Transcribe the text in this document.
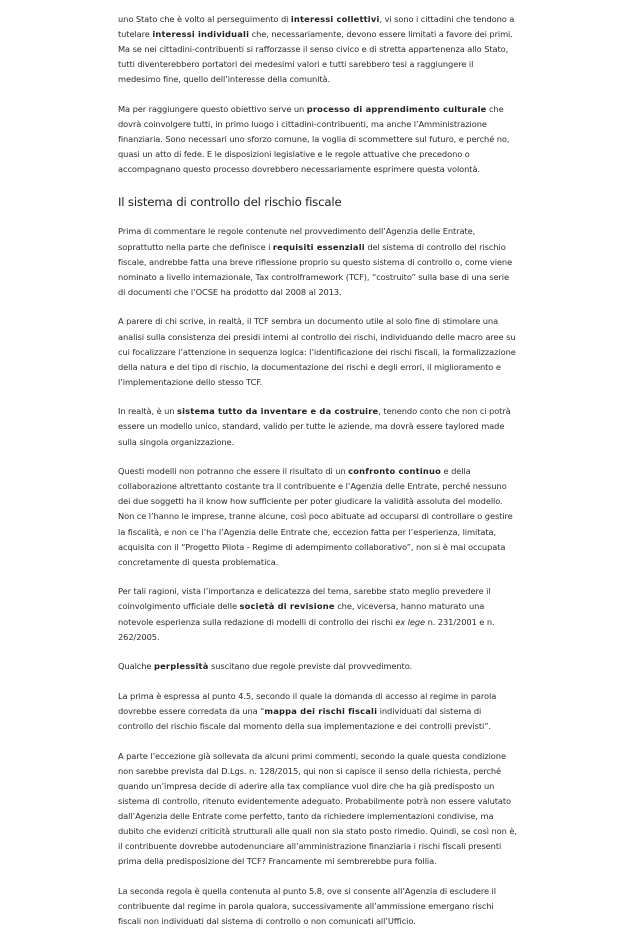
uno Stato che è volto al perseguimento di interessi collettivi, vi sono i cittadini che tendono a tutelare interessi individuali che, necessariamente, devono essere limitati a favore dei primi. Ma se nei cittadini-contribuenti si rafforzasse il senso civico e di stretta appartenenza allo Stato, tutti diventerebbero portatori dei medesimi valori e tutti sarebbero tesi a raggiungere il medesimo fine, quello dell’interesse della comunità.

Ma per raggiungere questo obiettivo serve un processo di apprendimento culturale che dovrà coinvolgere tutti, in primo luogo i cittadini-contribuenti, ma anche l’Amministrazione finanziaria. Sono necessari uno sforzo comune, la voglia di scommettere sul futuro, e perché no, quasi un atto di fede. E le disposizioni legislative e le regole attuative che precedono o accompagnano questo processo dovrebbero necessariamente esprimere questa volontà.

Il sistema di controllo del rischio fiscale

Prima di commentare le regole contenute nel provvedimento dell’Agenzia delle Entrate, soprattutto nella parte che definisce i requisiti essenziali del sistema di controllo del rischio fiscale, andrebbe fatta una breve riflessione proprio su questo sistema di controllo o, come viene nominato a livello internazionale, Tax controlframework (TCF), “costruito” sulla base di una serie di documenti che l’OCSE ha prodotto dal 2008 al 2013.

A parere di chi scrive, in realtà, il TCF sembra un documento utile al solo fine di stimolare una analisi sulla consistenza dei presidi interni al controllo dei rischi, individuando delle macro aree su cui focalizzare l’attenzione in sequenza logica: l’identificazione dei rischi fiscali, la formalizzazione della natura e del tipo di rischio, la documentazione dei rischi e degli errori, il miglioramento e l’implementazione dello stesso TCF.

In realtà, è un sistema tutto da inventare e da costruire, tenendo conto che non ci potrà essere un modello unico, standard, valido per tutte le aziende, ma dovrà essere taylored made sulla singola organizzazione.

Questi modelli non potranno che essere il risultato di un confronto continuo e della collaborazione altrettanto costante tra il contribuente e l’Agenzia delle Entrate, perché nessuno dei due soggetti ha il know how sufficiente per poter giudicare la validità assoluta del modello. Non ce l’hanno le imprese, tranne alcune, così poco abituate ad occuparsi di controllare o gestire la fiscalità, e non ce l’ha l’Agenzia delle Entrate che, eccezion fatta per l’esperienza, limitata, acquisita con il “Progetto Pilota - Regime di adempimento collaborativo”, non si è mai occupata concretamente di questa problematica.

Per tali ragioni, vista l’importanza e delicatezza del tema, sarebbe stato meglio prevedere il coinvolgimento ufficiale delle società di revisione che, viceversa, hanno maturato una notevole esperienza sulla redazione di modelli di controllo dei rischi ex lege n. 231/2001 e n. 262/2005.

Qualche perplessità suscitano due regole previste dal provvedimento.

La prima è espressa al punto 4.5, secondo il quale la domanda di accesso al regime in parola dovrebbe essere corredata da una “mappa dei rischi fiscali individuati dal sistema di controllo del rischio fiscale dal momento della sua implementazione e dei controlli previsti”.

A parte l’eccezione già sollevata da alcuni primi commenti, secondo la quale questa condizione non sarebbe prevista dal D.Lgs. n. 128/2015, qui non si capisce il senso della richiesta, perché quando un’impresa decide di aderire alla tax compliance vuol dire che ha già predisposto un sistema di controllo, ritenuto evidentemente adeguato. Probabilmente potrà non essere valutato dall’Agenzia delle Entrate come perfetto, tanto da richiedere implementazioni condivise, ma dubito che evidenzi criticità strutturali alle quali non sia stato posto rimedio. Quindi, se così non è, il contribuente dovrebbe autodenunciare all’amministrazione finanziaria i rischi fiscali presenti prima della predisposizione del TCF? Francamente mi sembrerebbe pura follia.

La seconda regola è quella contenuta al punto 5.8, ove si consente all’Agenzia di escludere il contribuente dal regime in parola qualora, successivamente all’ammissione emergano rischi fiscali non individuati dal sistema di controllo o non comunicati all’Ufficio.
